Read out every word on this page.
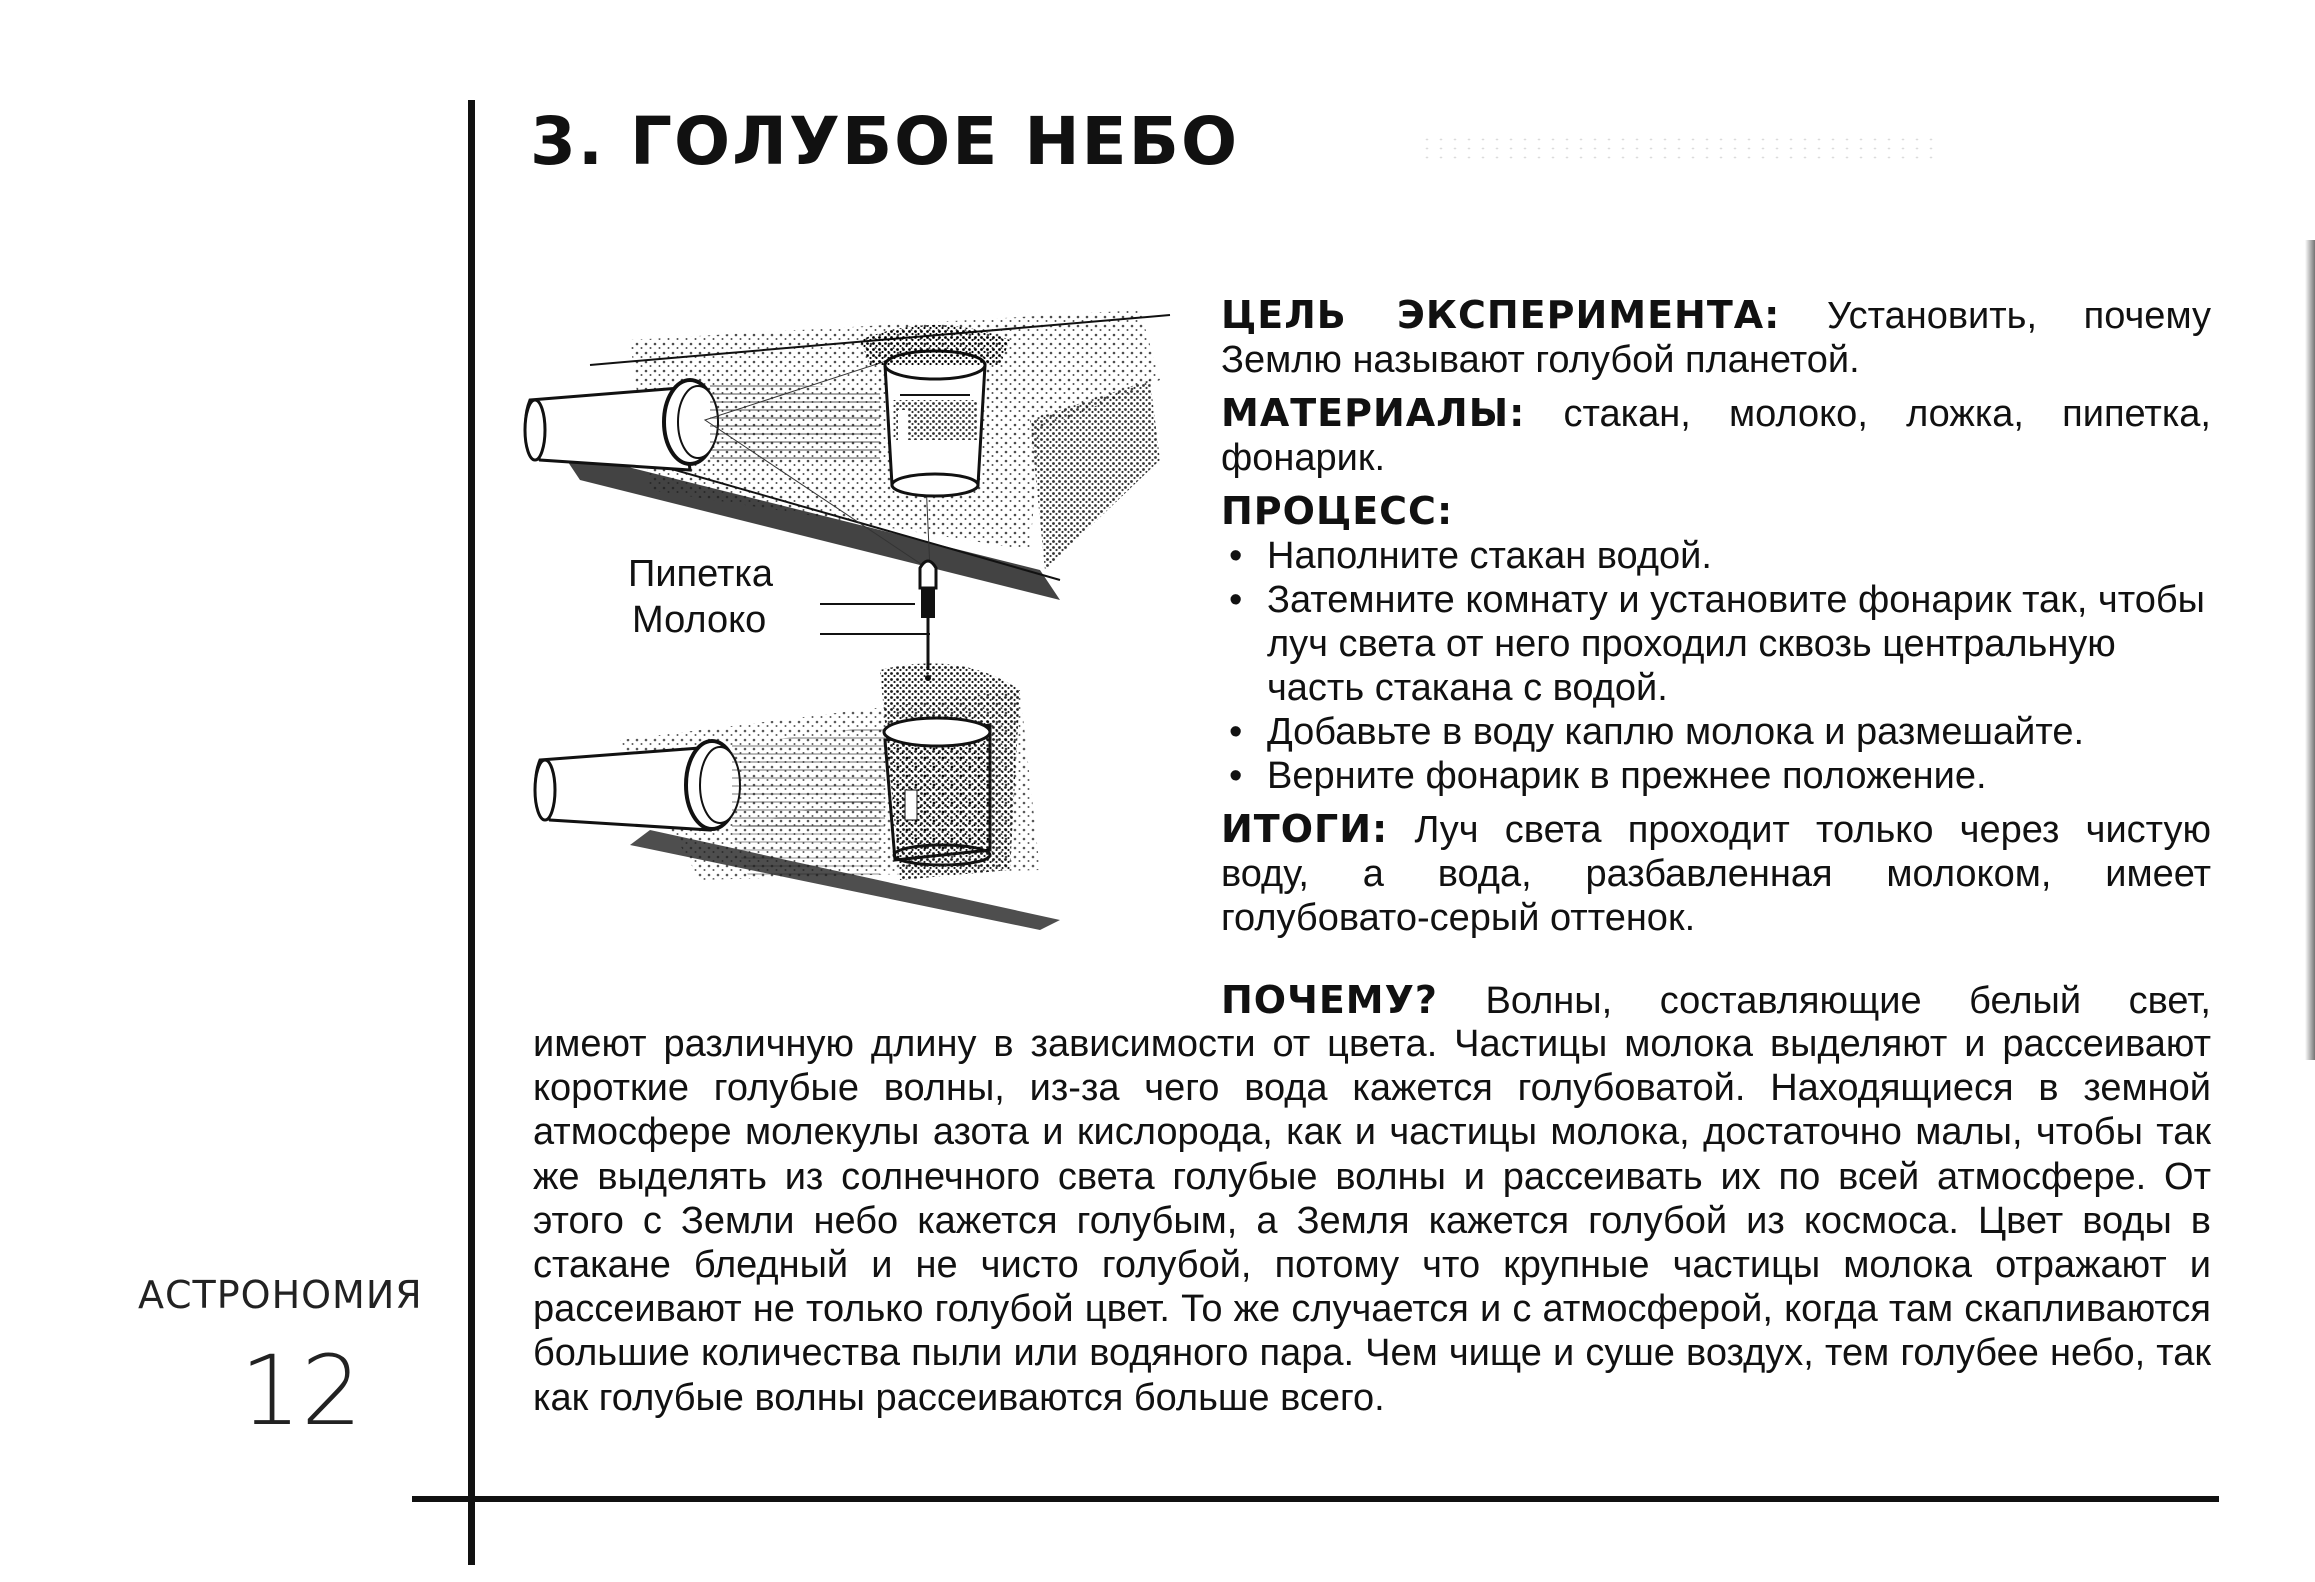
3. ГОЛУБОЕ НЕБО
Пипетка
Молоко

ЦЕЛЬ ЭКСПЕРИМЕНТА: Установить, почему Землю называют голубой планетой.

МАТЕРИАЛЫ: стакан, молоко, ложка, пипетка, фонарик.

ПРОЦЕСС:

• Наполните стакан водой.
• Затемните комнату и установите фонарик так, чтобы луч света от него проходил сквозь центральную часть стакана с водой.
• Добавьте в воду каплю молока и размешайте.
• Верните фонарик в прежнее положение.

ИТОГИ: Луч света проходит только через чистую воду, а вода, разбавленная молоком, имеет голубовато-серый оттенок.

ПОЧЕМУ? Волны, составляющие белый свет,

имеют различную длину в зависимости от цвета. Частицы молока выделяют и рассеивают короткие голубые волны, из-за чего вода кажется голубоватой. Находящиеся в земной атмосфере молекулы азота и кислорода, как и частицы молока, достаточно малы, чтобы так же выделять из солнечного света голубые волны и рассеивать их по всей атмосфере. От этого с Земли небо кажется голубым, а Земля кажется голубой из космоса. Цвет воды в стакане бледный и не чисто голубой, потому что крупные частицы молока отражают и рассеивают не только голубой цвет. То же случается и с атмосферой, когда там скапливаются большие количества пыли или водяного пара. Чем чище и суше воздух, тем голубее небо, так как голубые волны рассеиваются больше всего.

АСТРОНОМИЯ
12
